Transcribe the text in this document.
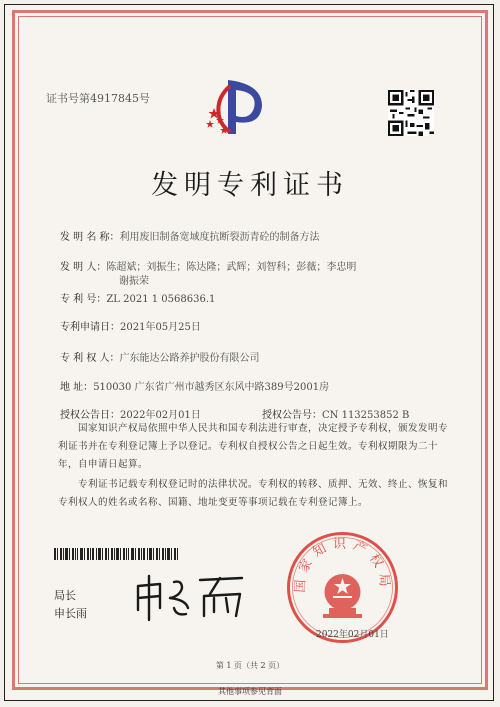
证书号第4917845号
发明专利证书
发 明 名 称：利用废旧制备宽域度抗断裂沥青砼的制备方法
发 明 人：陈超斌；刘振生；陈达隆；武辉；刘智科；彭薇；李忠明
谢振荣
专 利 号：ZL 2021 1 0568636.1
专利申请日：2021年05月25日
专 利 权 人：广东能达公路养护股份有限公司
地 址：510030 广东省广州市越秀区东风中路389号2001房
授权公告日：2022年02月01日	授权公告号：CN 113253852 B
国家知识产权局依照中华人民共和国专利法进行审查，决定授予专利权，颁发发明专利证书并在专利登记簿上予以登记。专利权自授权公告之日起生效。专利权期限为二十年，自申请日起算。
专利证书记载专利权登记时的法律状况。专利权的转移、质押、无效、终止、恢复和专利权人的姓名或名称、国籍、地址变更等事项记载在专利登记簿上。
局长
申长雨
国家知识产权局
2022年02月01日
第 1 页（共 2 页）
其他事项参见背面
